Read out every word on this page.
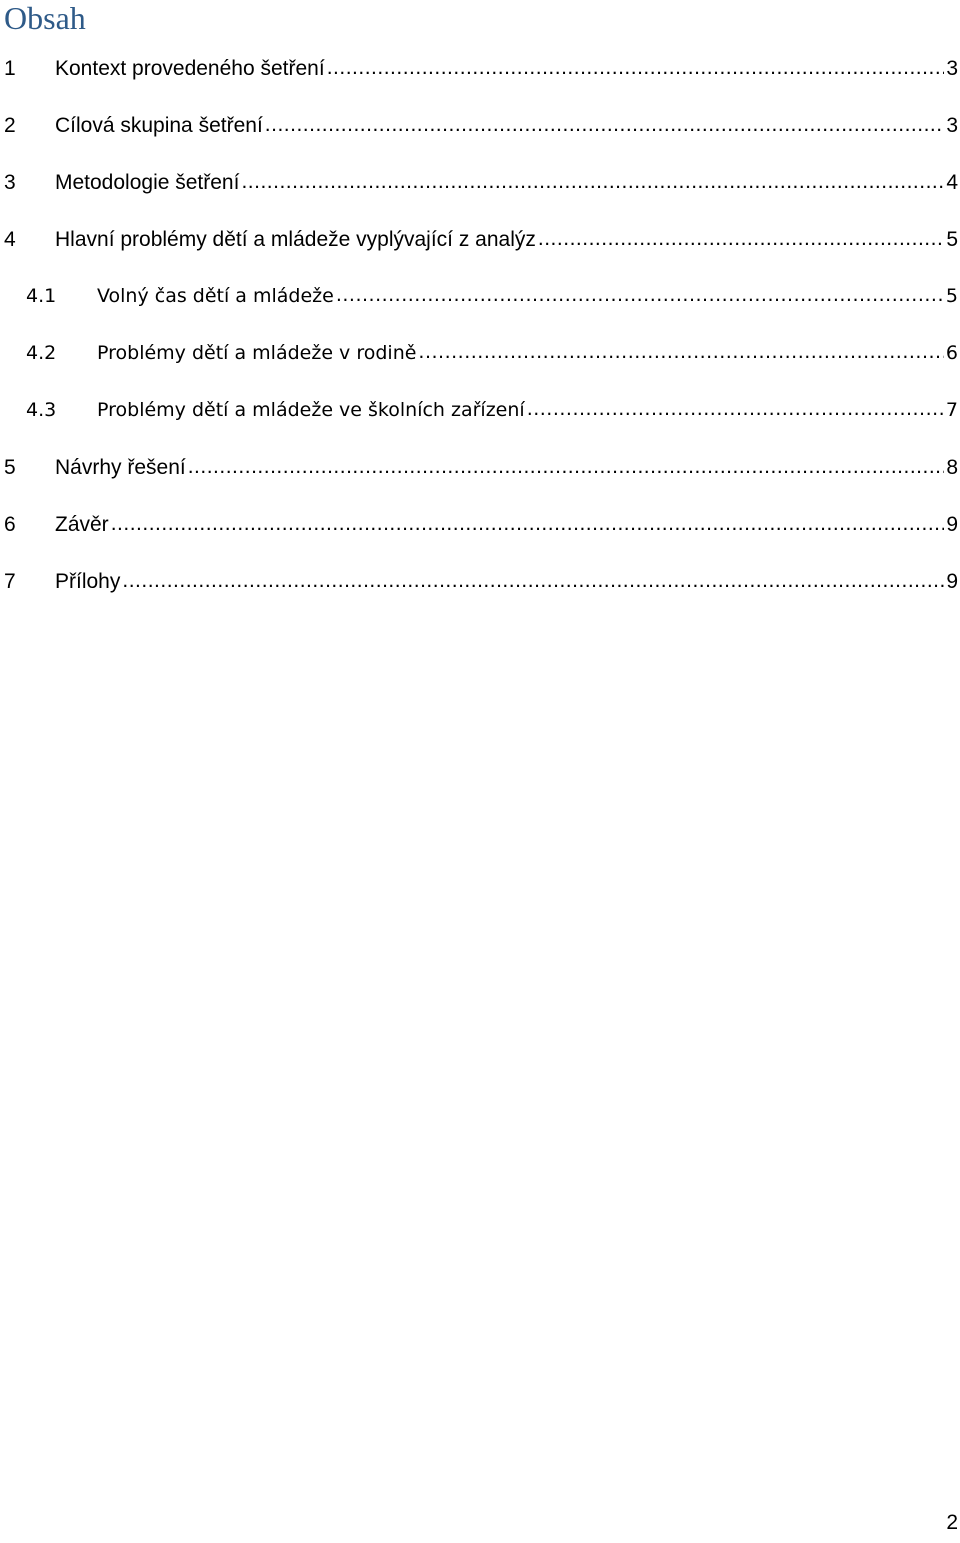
Obsah
1	Kontext provedeného šetření .....	3
2	Cílová skupina šetření .....	3
3	Metodologie šetření .....	4
4	Hlavní problémy dětí a mládeže vyplývající z analýz .....	5
4.1	Volný čas dětí a mládeže .....	5
4.2	Problémy dětí a mládeže v rodině .....	6
4.3	Problémy dětí a mládeže ve školních zařízení .....	7
5	Návrhy řešení .....	8
6	Závěr .....	9
7	Přílohy .....	9
2
